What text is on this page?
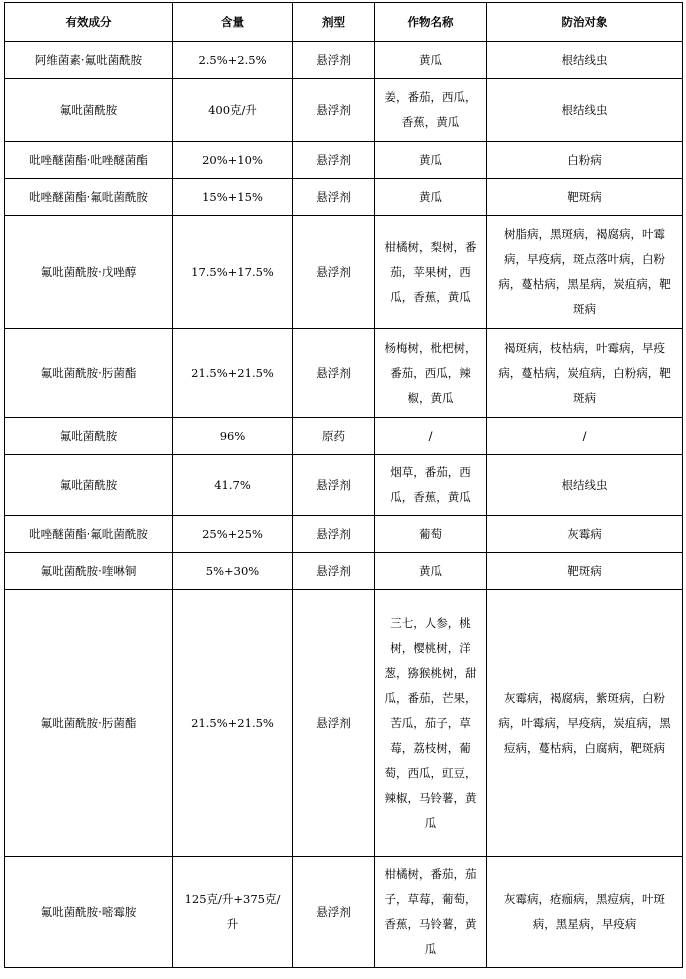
有效成分	含量	剂型	作物名称	防治对象
阿维菌素·氟吡菌酰胺	2.5%+2.5%	悬浮剂	黄瓜	根结线虫
氟吡菌酰胺	400克/升	悬浮剂	姜，番茄，西瓜，香蕉，黄瓜	根结线虫
吡唑醚菌酯·吡唑醚菌酯	20%+10%	悬浮剂	黄瓜	白粉病
吡唑醚菌酯·氟吡菌酰胺	15%+15%	悬浮剂	黄瓜	靶斑病
氟吡菌酰胺·戊唑醇	17.5%+17.5%	悬浮剂	柑橘树，梨树，番茄，苹果树，西瓜，香蕉，黄瓜	树脂病，黑斑病，褐腐病，叶霉病，早疫病，斑点落叶病，白粉病，蔓枯病，黑星病，炭疽病，靶斑病
氟吡菌酰胺·肟菌酯	21.5%+21.5%	悬浮剂	杨梅树，枇杷树，番茄，西瓜，辣椒，黄瓜	褐斑病，枝枯病，叶霉病，早疫病，蔓枯病，炭疽病，白粉病，靶斑病
氟吡菌酰胺	96%	原药	/	/
氟吡菌酰胺	41.7%	悬浮剂	烟草，番茄，西瓜，香蕉，黄瓜	根结线虫
吡唑醚菌酯·氟吡菌酰胺	25%+25%	悬浮剂	葡萄	灰霉病
氟吡菌酰胺·喹啉铜	5%+30%	悬浮剂	黄瓜	靶斑病
氟吡菌酰胺·肟菌酯	21.5%+21.5%	悬浮剂	三七，人参，桃树，樱桃树，洋葱，猕猴桃树，甜瓜，番茄，芒果，苦瓜，茄子，草莓，荔枝树，葡萄，西瓜，豇豆，辣椒，马铃薯，黄瓜	灰霉病，褐腐病，紫斑病，白粉病，叶霉病，早疫病，炭疽病，黑痘病，蔓枯病，白腐病，靶斑病
氟吡菌酰胺·嘧霉胺	125克/升+375克/升	悬浮剂	柑橘树，番茄，茄子，草莓，葡萄，香蕉，马铃薯，黄瓜	灰霉病，疮痂病，黑痘病，叶斑病，黑星病，早疫病
